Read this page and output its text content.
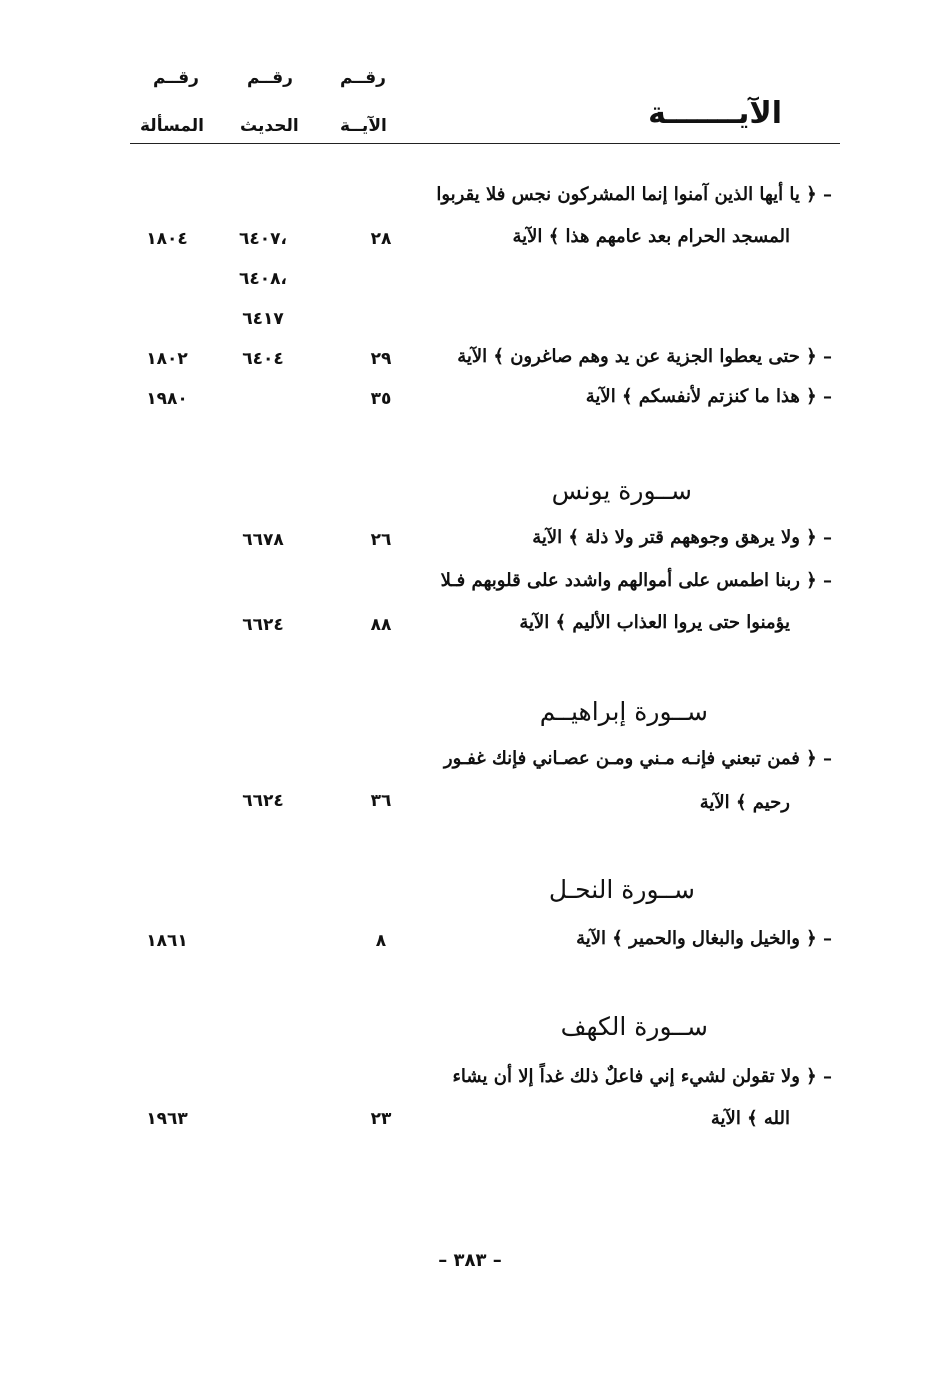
رقــم
الآيــة
رقــم
الحديث
رقــم
المسألة	الآيـــــــة
– ﴿ يا أيها الذين آمنوا إنما المشركون نجس فلا يقربوا
المسجد الحرام بعد عامهم هذا ﴾ الآية
٢٨
٦٤٠٧،
٦٤٠٨،
٦٤١٧
١٨٠٤
– ﴿ حتى يعطوا الجزية عن يد وهم صاغرون ﴾ الآية
٢٩
٦٤٠٤
١٨٠٢
– ﴿ هذا ما كنزتم لأنفسكم ﴾ الآية
٣٥
١٩٨٠
ســورة يونس
– ﴿ ولا يرهق وجوههم قتر ولا ذلة ﴾ الآية
٢٦
٦٦٧٨
– ﴿ ربنا اطمس على أموالهم واشدد على قلوبهم فـلا
يؤمنوا حتى يروا العذاب الأليم ﴾ الآية
٨٨
٦٦٢٤
ســورة إبراهيــم
– ﴿ فمن تبعني فإنـه مـني ومـن عصـاني فإنك غفـور
رحيم ﴾ الآية
٣٦
٦٦٢٤
ســورة النحـل
– ﴿ والخيل والبغال والحمير ﴾ الآية
٨
١٨٦١
ســورة الكهف
– ﴿ ولا تقولن لشيء إني فاعلٌ ذلك غداً إلا أن يشاء
الله ﴾ الآية
٢٣
١٩٦٣
– ٣٨٣ –
